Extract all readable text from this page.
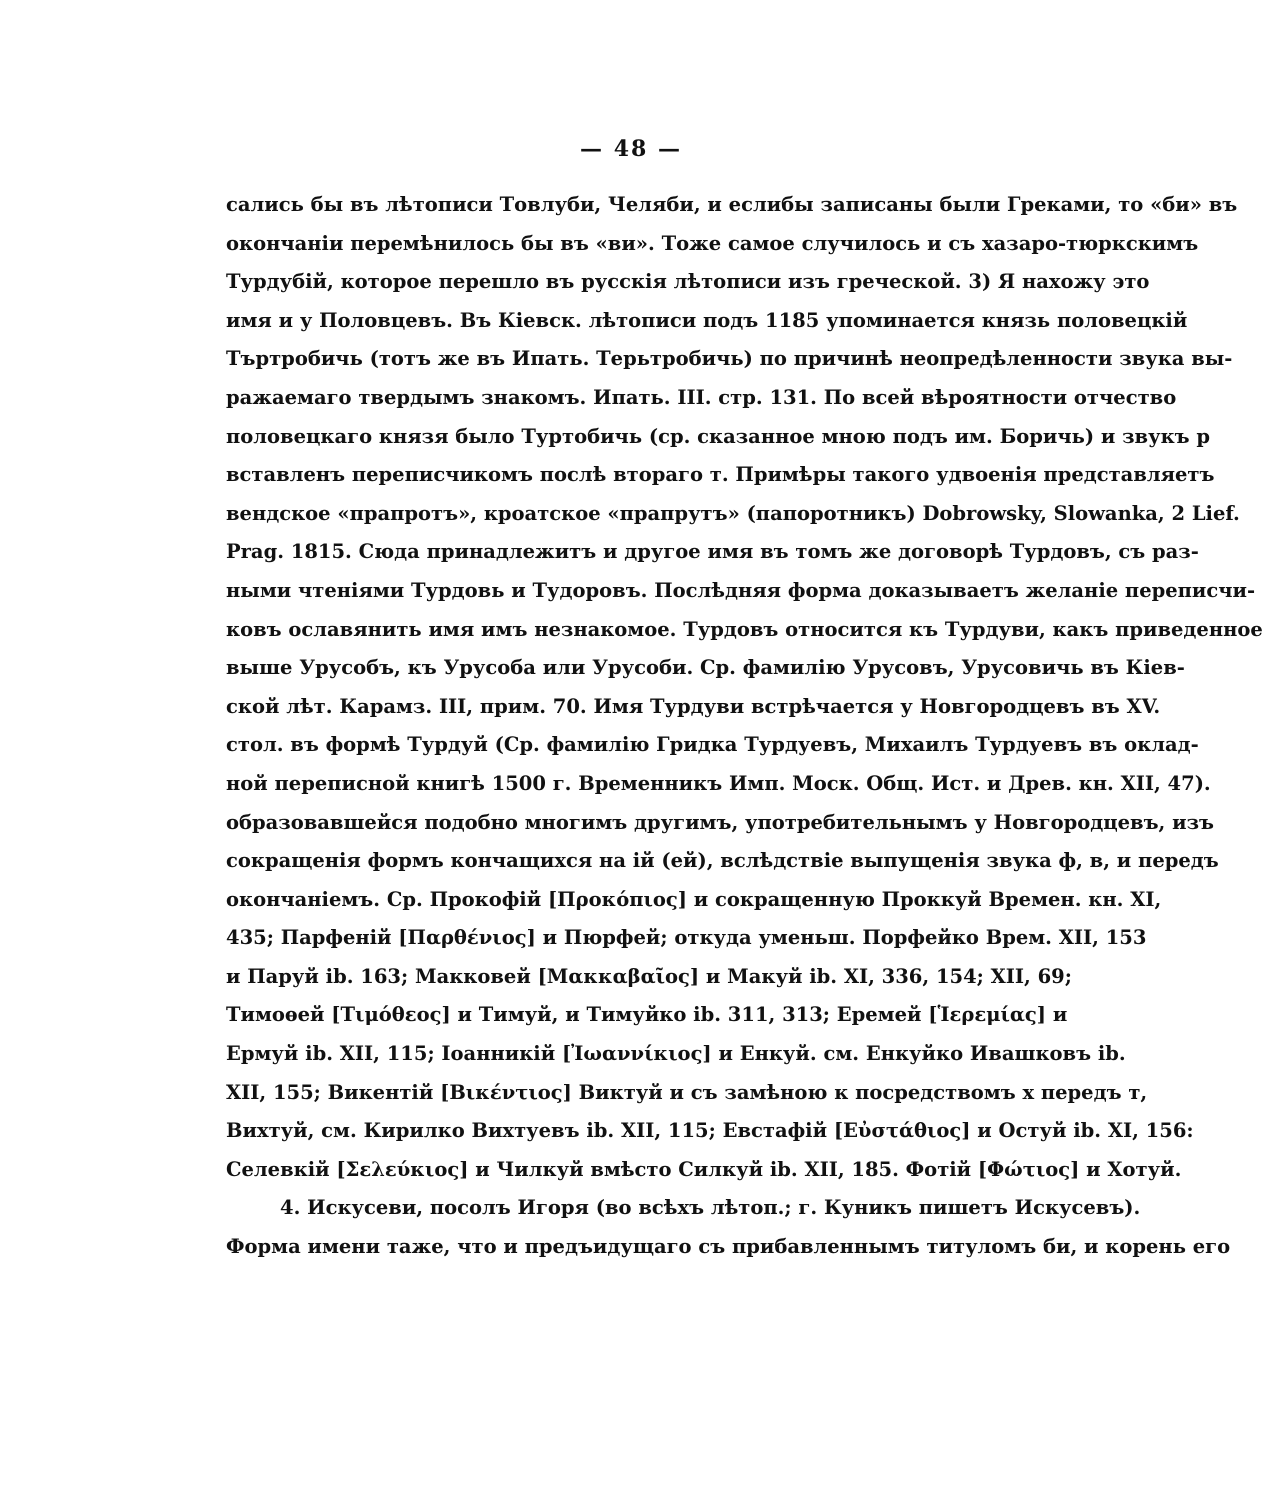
— 48 —
сались бы въ лѣтописи Товлуби, Челяби, и еслибы записаны были Греками, то «би» въ
окончаніи перемѣнилось бы въ «ви». Тоже самое случилось и съ хазаро-тюркскимъ
Турдубій, которое перешло въ русскія лѣтописи изъ греческой. 3) Я нахожу это
имя и у Половцевъ. Въ Кіевск. лѣтописи подъ 1185 упоминается князь половецкій
Търтробичь (тотъ же въ Ипать. Терьтробичь) по причинѣ неопредѣленности звука вы-
ражаемаго твердымъ знакомъ. Ипать. III. стр. 131. По всей вѣроятности отчество
половецкаго князя было Туртобичь (ср. сказанное мною подъ им. Боричь) и звукъ р
вставленъ переписчикомъ послѣ втораго т. Примѣры такого удвоенія представляетъ
вендское «прапротъ», кроатское «прапрутъ» (папоротникъ) Dobrowsky, Slowanka, 2 Lief.
Prag. 1815. Сюда принадлежитъ и другое имя въ томъ же договорѣ Турдовъ, съ раз-
ными чтеніями Турдовь и Тудоровъ. Послѣдняя форма доказываетъ желаніе переписчи-
ковъ ославянить имя имъ незнакомое. Турдовъ относится къ Турдуви, какъ приведенное
выше Урусобъ, къ Урусоба или Урусоби. Ср. фамилію Урусовъ, Урусовичь въ Кіев-
ской лѣт. Карамз. III, прим. 70. Имя Турдуви встрѣчается у Новгородцевъ въ XV.
стол. въ формѣ Турдуй (Ср. фамилію Гридка Турдуевъ, Михаилъ Турдуевъ въ оклад-
ной переписной книгѣ 1500 г. Временникъ Имп. Моск. Общ. Ист. и Древ. кн. XII, 47).
образовавшейся подобно многимъ другимъ, употребительнымъ у Новгородцевъ, изъ
сокращенія формъ кончащихся на ій (ей), вслѣдствіе выпущенія звука ф, в, и передъ
окончаніемъ. Ср. Прокофій [Προκόπιος] и сокращенную Проккуй Времен. кн. XI,
435; Парфеній [Παρθένιος] и Пюрфей; откуда уменьш. Порфейко Врем. XII, 153
и Паруй ib. 163; Макковей [Μακκαβαῖος] и Макуй ib. XI, 336, 154; XII, 69;
Тимоѳей [Τιμόθεος] и Тимуй, и Тимуйко ib. 311, 313; Еремей [Ἱερεμίας] и
Ермуй ib. XII, 115; Іоанникій [Ἰωαννίκιος] и Енкуй. см. Енкуйко Ивашковъ ib.
XII, 155; Викентій [Βικέντιος] Виктуй и съ замѣною к посредствомъ х передъ т,
Вихтуй, см. Кирилко Вихтуевъ ib. XII, 115; Евстафій [Εὐστάθιος] и Остуй ib. XI, 156:
Селевкій [Σελεύκιος] и Чилкуй вмѣсто Силкуй ib. XII, 185. Фотій [Φώτιος] и Хотуй.
4. Искусеви, посолъ Игоря (во всѣхъ лѣтоп.; г. Куникъ пишетъ Искусевъ).
Форма имени таже, что и предъидущаго съ прибавленнымъ титуломъ би, и корень его
